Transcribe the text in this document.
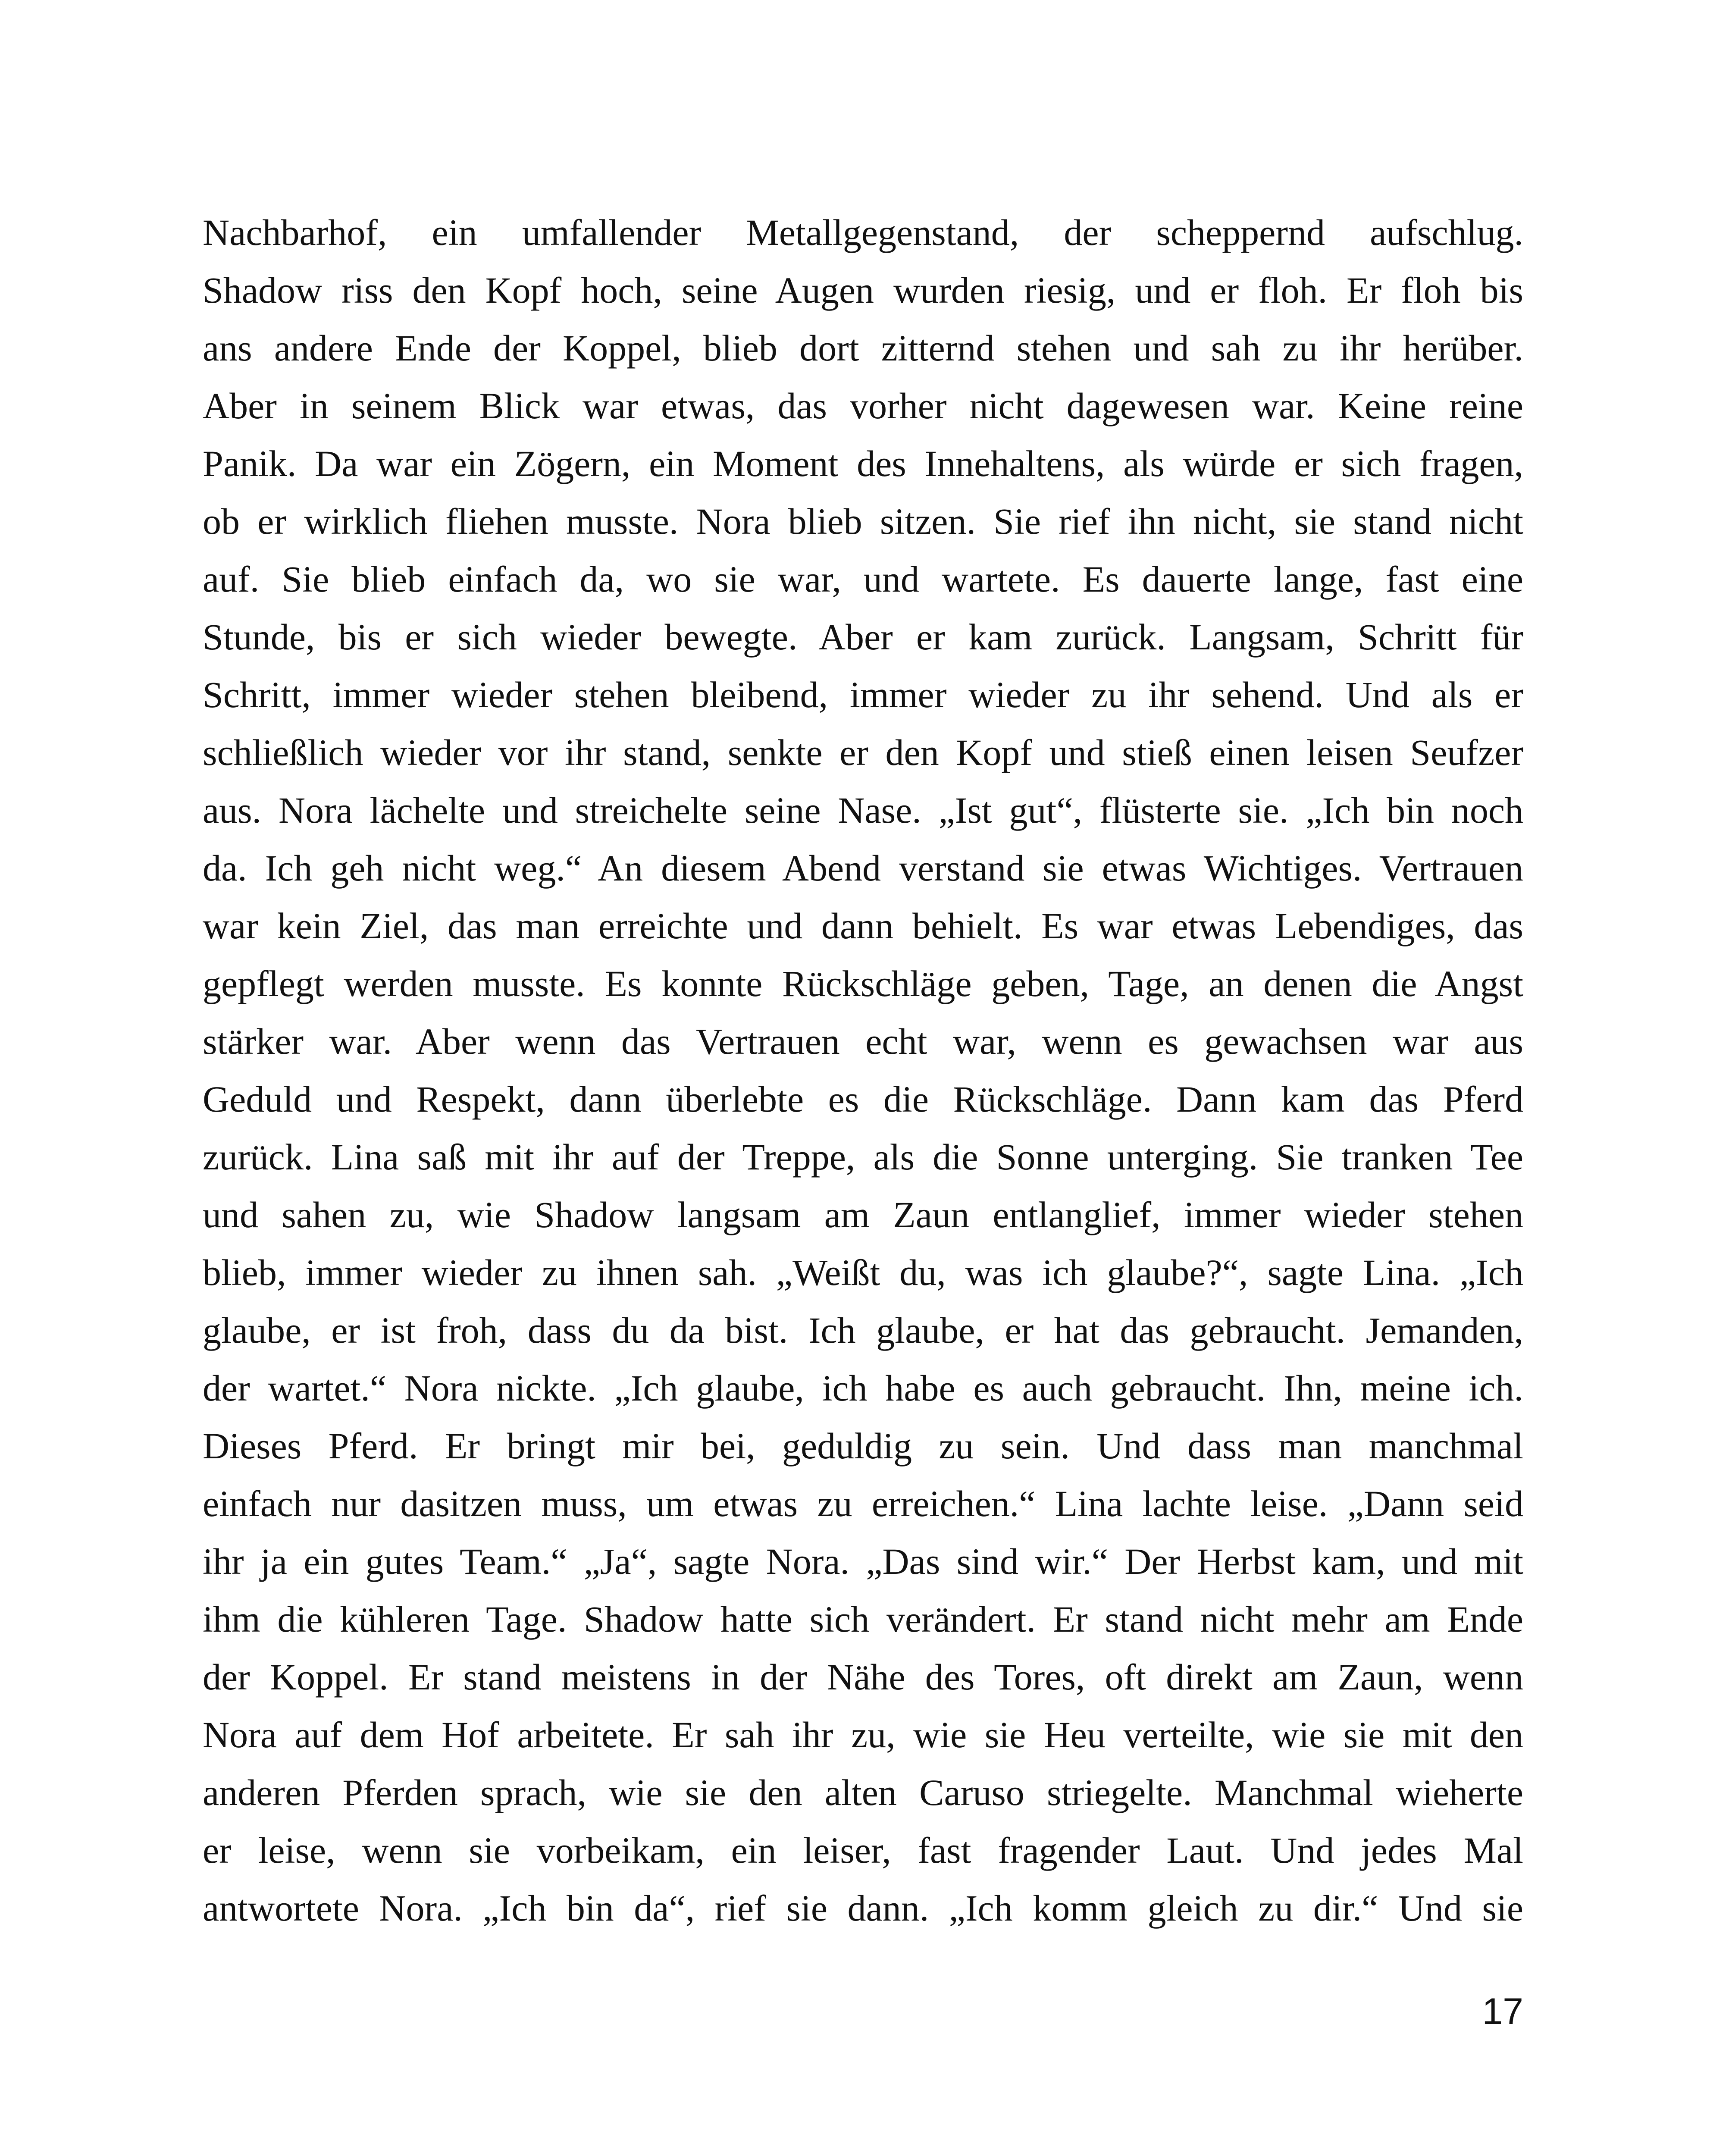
Nachbarhof, ein umfallender Metallgegenstand, der scheppernd aufschlug.
Shadow riss den Kopf hoch, seine Augen wurden riesig, und er floh. Er floh bis
ans andere Ende der Koppel, blieb dort zitternd stehen und sah zu ihr herüber.
Aber in seinem Blick war etwas, das vorher nicht dagewesen war. Keine reine
Panik. Da war ein Zögern, ein Moment des Innehaltens, als würde er sich fragen,
ob er wirklich fliehen musste. Nora blieb sitzen. Sie rief ihn nicht, sie stand nicht
auf. Sie blieb einfach da, wo sie war, und wartete. Es dauerte lange, fast eine
Stunde, bis er sich wieder bewegte. Aber er kam zurück. Langsam, Schritt für
Schritt, immer wieder stehen bleibend, immer wieder zu ihr sehend. Und als er
schließlich wieder vor ihr stand, senkte er den Kopf und stieß einen leisen Seufzer
aus. Nora lächelte und streichelte seine Nase. „Ist gut“, flüsterte sie. „Ich bin noch
da. Ich geh nicht weg.“ An diesem Abend verstand sie etwas Wichtiges. Vertrauen
war kein Ziel, das man erreichte und dann behielt. Es war etwas Lebendiges, das
gepflegt werden musste. Es konnte Rückschläge geben, Tage, an denen die Angst
stärker war. Aber wenn das Vertrauen echt war, wenn es gewachsen war aus
Geduld und Respekt, dann überlebte es die Rückschläge. Dann kam das Pferd
zurück. Lina saß mit ihr auf der Treppe, als die Sonne unterging. Sie tranken Tee
und sahen zu, wie Shadow langsam am Zaun entlanglief, immer wieder stehen
blieb, immer wieder zu ihnen sah. „Weißt du, was ich glaube?“, sagte Lina. „Ich
glaube, er ist froh, dass du da bist. Ich glaube, er hat das gebraucht. Jemanden,
der wartet.“ Nora nickte. „Ich glaube, ich habe es auch gebraucht. Ihn, meine ich.
Dieses Pferd. Er bringt mir bei, geduldig zu sein. Und dass man manchmal
einfach nur dasitzen muss, um etwas zu erreichen.“ Lina lachte leise. „Dann seid
ihr ja ein gutes Team.“ „Ja“, sagte Nora. „Das sind wir.“ Der Herbst kam, und mit
ihm die kühleren Tage. Shadow hatte sich verändert. Er stand nicht mehr am Ende
der Koppel. Er stand meistens in der Nähe des Tores, oft direkt am Zaun, wenn
Nora auf dem Hof arbeitete. Er sah ihr zu, wie sie Heu verteilte, wie sie mit den
anderen Pferden sprach, wie sie den alten Caruso striegelte. Manchmal wieherte
er leise, wenn sie vorbeikam, ein leiser, fast fragender Laut. Und jedes Mal
antwortete Nora. „Ich bin da“, rief sie dann. „Ich komm gleich zu dir.“ Und sie
17
